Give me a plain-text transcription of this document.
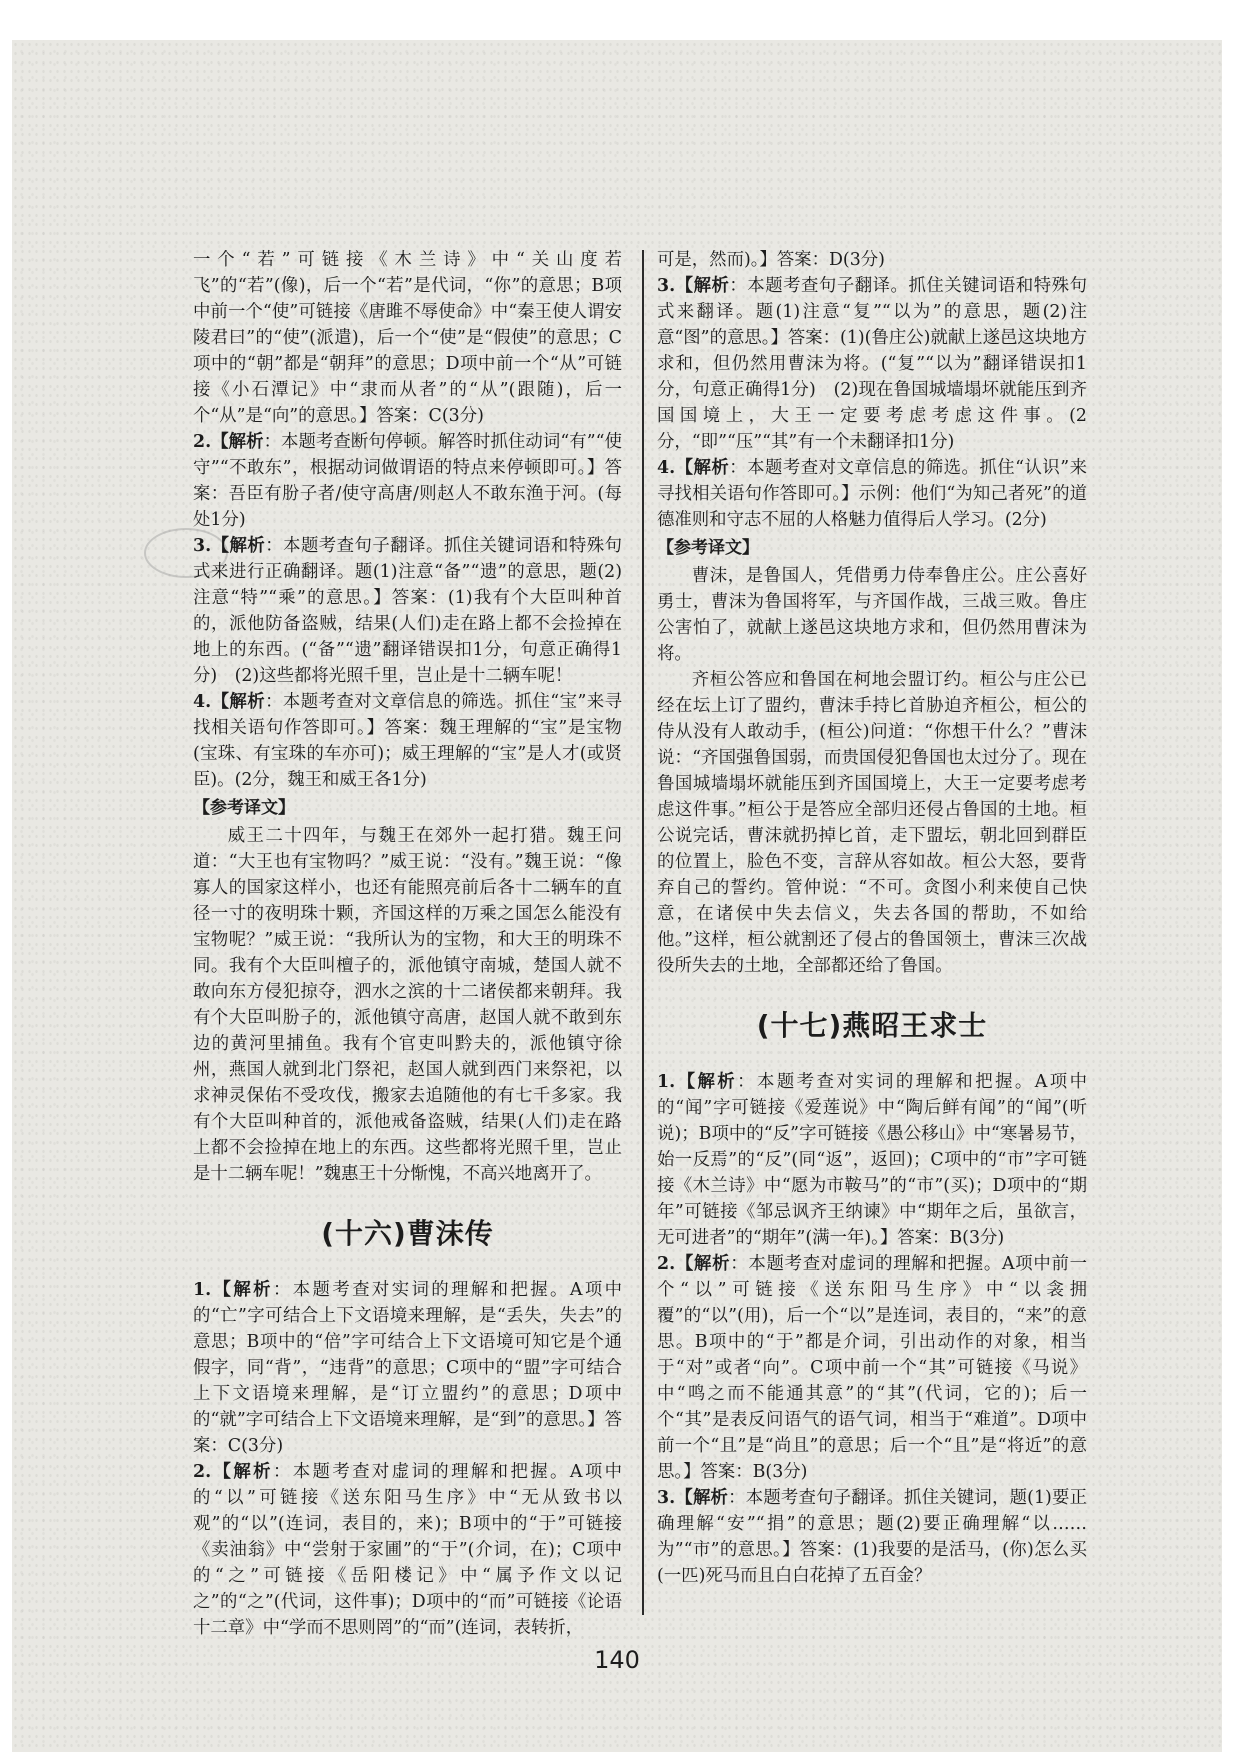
一个“若”可链接《木兰诗》中“关山度若飞”的“若”(像)，后一个“若”是代词，“你”的意思；B项中前一个“使”可链接《唐雎不辱使命》中“秦王使人谓安陵君曰”的“使”(派遣)，后一个“使”是“假使”的意思；C项中的“朝”都是“朝拜”的意思；D项中前一个“从”可链接《小石潭记》中“隶而从者”的“从”(跟随)，后一个“从”是“向”的意思。】答案：C(3分)

2.【解析：本题考查断句停顿。解答时抓住动词“有”“使守”“不敢东”，根据动词做谓语的特点来停顿即可。】答案：吾臣有朌子者/使守高唐/则赵人不敢东渔于河。(每处1分)

3.【解析：本题考查句子翻译。抓住关键词语和特殊句式来进行正确翻译。题(1)注意“备”“遗”的意思，题(2)注意“特”“乘”的意思。】答案：(1)我有个大臣叫种首的，派他防备盗贼，结果(人们)走在路上都不会捡掉在地上的东西。(“备”“遗”翻译错误扣1分，句意正确得1分)　(2)这些都将光照千里，岂止是十二辆车呢！

4.【解析：本题考查对文章信息的筛选。抓住“宝”来寻找相关语句作答即可。】答案：魏王理解的“宝”是宝物(宝珠、有宝珠的车亦可)；威王理解的“宝”是人才(或贤臣)。(2分，魏王和威王各1分)

【参考译文】

威王二十四年，与魏王在郊外一起打猎。魏王问道：“大王也有宝物吗？”威王说：“没有。”魏王说：“像寡人的国家这样小，也还有能照亮前后各十二辆车的直径一寸的夜明珠十颗，齐国这样的万乘之国怎么能没有宝物呢？”威王说：“我所认为的宝物，和大王的明珠不同。我有个大臣叫檀子的，派他镇守南城，楚国人就不敢向东方侵犯掠夺，泗水之滨的十二诸侯都来朝拜。我有个大臣叫朌子的，派他镇守高唐，赵国人就不敢到东边的黄河里捕鱼。我有个官吏叫黔夫的，派他镇守徐州，燕国人就到北门祭祀，赵国人就到西门来祭祀，以求神灵保佑不受攻伐，搬家去追随他的有七千多家。我有个大臣叫种首的，派他戒备盗贼，结果(人们)走在路上都不会捡掉在地上的东西。这些都将光照千里，岂止是十二辆车呢！”魏惠王十分惭愧，不高兴地离开了。

(十六)曹沫传

1.【解析：本题考查对实词的理解和把握。A项中的“亡”字可结合上下文语境来理解，是“丢失，失去”的意思；B项中的“倍”字可结合上下文语境可知它是个通假字，同“背”，“违背”的意思；C项中的“盟”字可结合上下文语境来理解，是“订立盟约”的意思；D项中的“就”字可结合上下文语境来理解，是“到”的意思。】答案：C(3分)

2.【解析：本题考查对虚词的理解和把握。A项中的“以”可链接《送东阳马生序》中“无从致书以观”的“以”(连词，表目的，来)；B项中的“于”可链接《卖油翁》中“尝射于家圃”的“于”(介词，在)；C项中的“之”可链接《岳阳楼记》中“属予作文以记之”的“之”(代词，这件事)；D项中的“而”可链接《论语十二章》中“学而不思则罔”的“而”(连词，表转折，

可是，然而)。】答案：D(3分)

3.【解析：本题考查句子翻译。抓住关键词语和特殊句式来翻译。题(1)注意“复”“以为”的意思，题(2)注意“图”的意思。】答案：(1)(鲁庄公)就献上遂邑这块地方求和，但仍然用曹沫为将。(“复”“以为”翻译错误扣1分，句意正确得1分)　(2)现在鲁国城墙塌坏就能压到齐国国境上，大王一定要考虑考虑这件事。(2分，“即”“压”“其”有一个未翻译扣1分)

4.【解析：本题考查对文章信息的筛选。抓住“认识”来寻找相关语句作答即可。】示例：他们“为知己者死”的道德准则和守志不屈的人格魅力值得后人学习。(2分)

【参考译文】

曹沫，是鲁国人，凭借勇力侍奉鲁庄公。庄公喜好勇士，曹沫为鲁国将军，与齐国作战，三战三败。鲁庄公害怕了，就献上遂邑这块地方求和，但仍然用曹沫为将。

齐桓公答应和鲁国在柯地会盟订约。桓公与庄公已经在坛上订了盟约，曹沫手持匕首胁迫齐桓公，桓公的侍从没有人敢动手，(桓公)问道：“你想干什么？”曹沫说：“齐国强鲁国弱，而贵国侵犯鲁国也太过分了。现在鲁国城墙塌坏就能压到齐国国境上，大王一定要考虑考虑这件事。”桓公于是答应全部归还侵占鲁国的土地。桓公说完话，曹沫就扔掉匕首，走下盟坛，朝北回到群臣的位置上，脸色不变，言辞从容如故。桓公大怒，要背弃自己的誓约。管仲说：“不可。贪图小利来使自己快意，在诸侯中失去信义，失去各国的帮助，不如给他。”这样，桓公就割还了侵占的鲁国领土，曹沫三次战役所失去的土地，全部都还给了鲁国。

(十七)燕昭王求士

1.【解析：本题考查对实词的理解和把握。A项中的“闻”字可链接《爱莲说》中“陶后鲜有闻”的“闻”(听说)；B项中的“反”字可链接《愚公移山》中“寒暑易节，始一反焉”的“反”(同“返”，返回)；C项中的“市”字可链接《木兰诗》中“愿为市鞍马”的“市”(买)；D项中的“期年”可链接《邹忌讽齐王纳谏》中“期年之后，虽欲言，无可进者”的“期年”(满一年)。】答案：B(3分)

2.【解析：本题考查对虚词的理解和把握。A项中前一个“以”可链接《送东阳马生序》中“以衾拥覆”的“以”(用)，后一个“以”是连词，表目的，“来”的意思。B项中的“于”都是介词，引出动作的对象，相当于“对”或者“向”。C项中前一个“其”可链接《马说》中“鸣之而不能通其意”的“其”(代词，它的)；后一个“其”是表反问语气的语气词，相当于“难道”。D项中前一个“且”是“尚且”的意思；后一个“且”是“将近”的意思。】答案：B(3分)

3.【解析：本题考查句子翻译。抓住关键词，题(1)要正确理解“安”“捐”的意思；题(2)要正确理解“以……为”“市”的意思。】答案：(1)我要的是活马，(你)怎么买(一匹)死马而且白白花掉了五百金？

140
